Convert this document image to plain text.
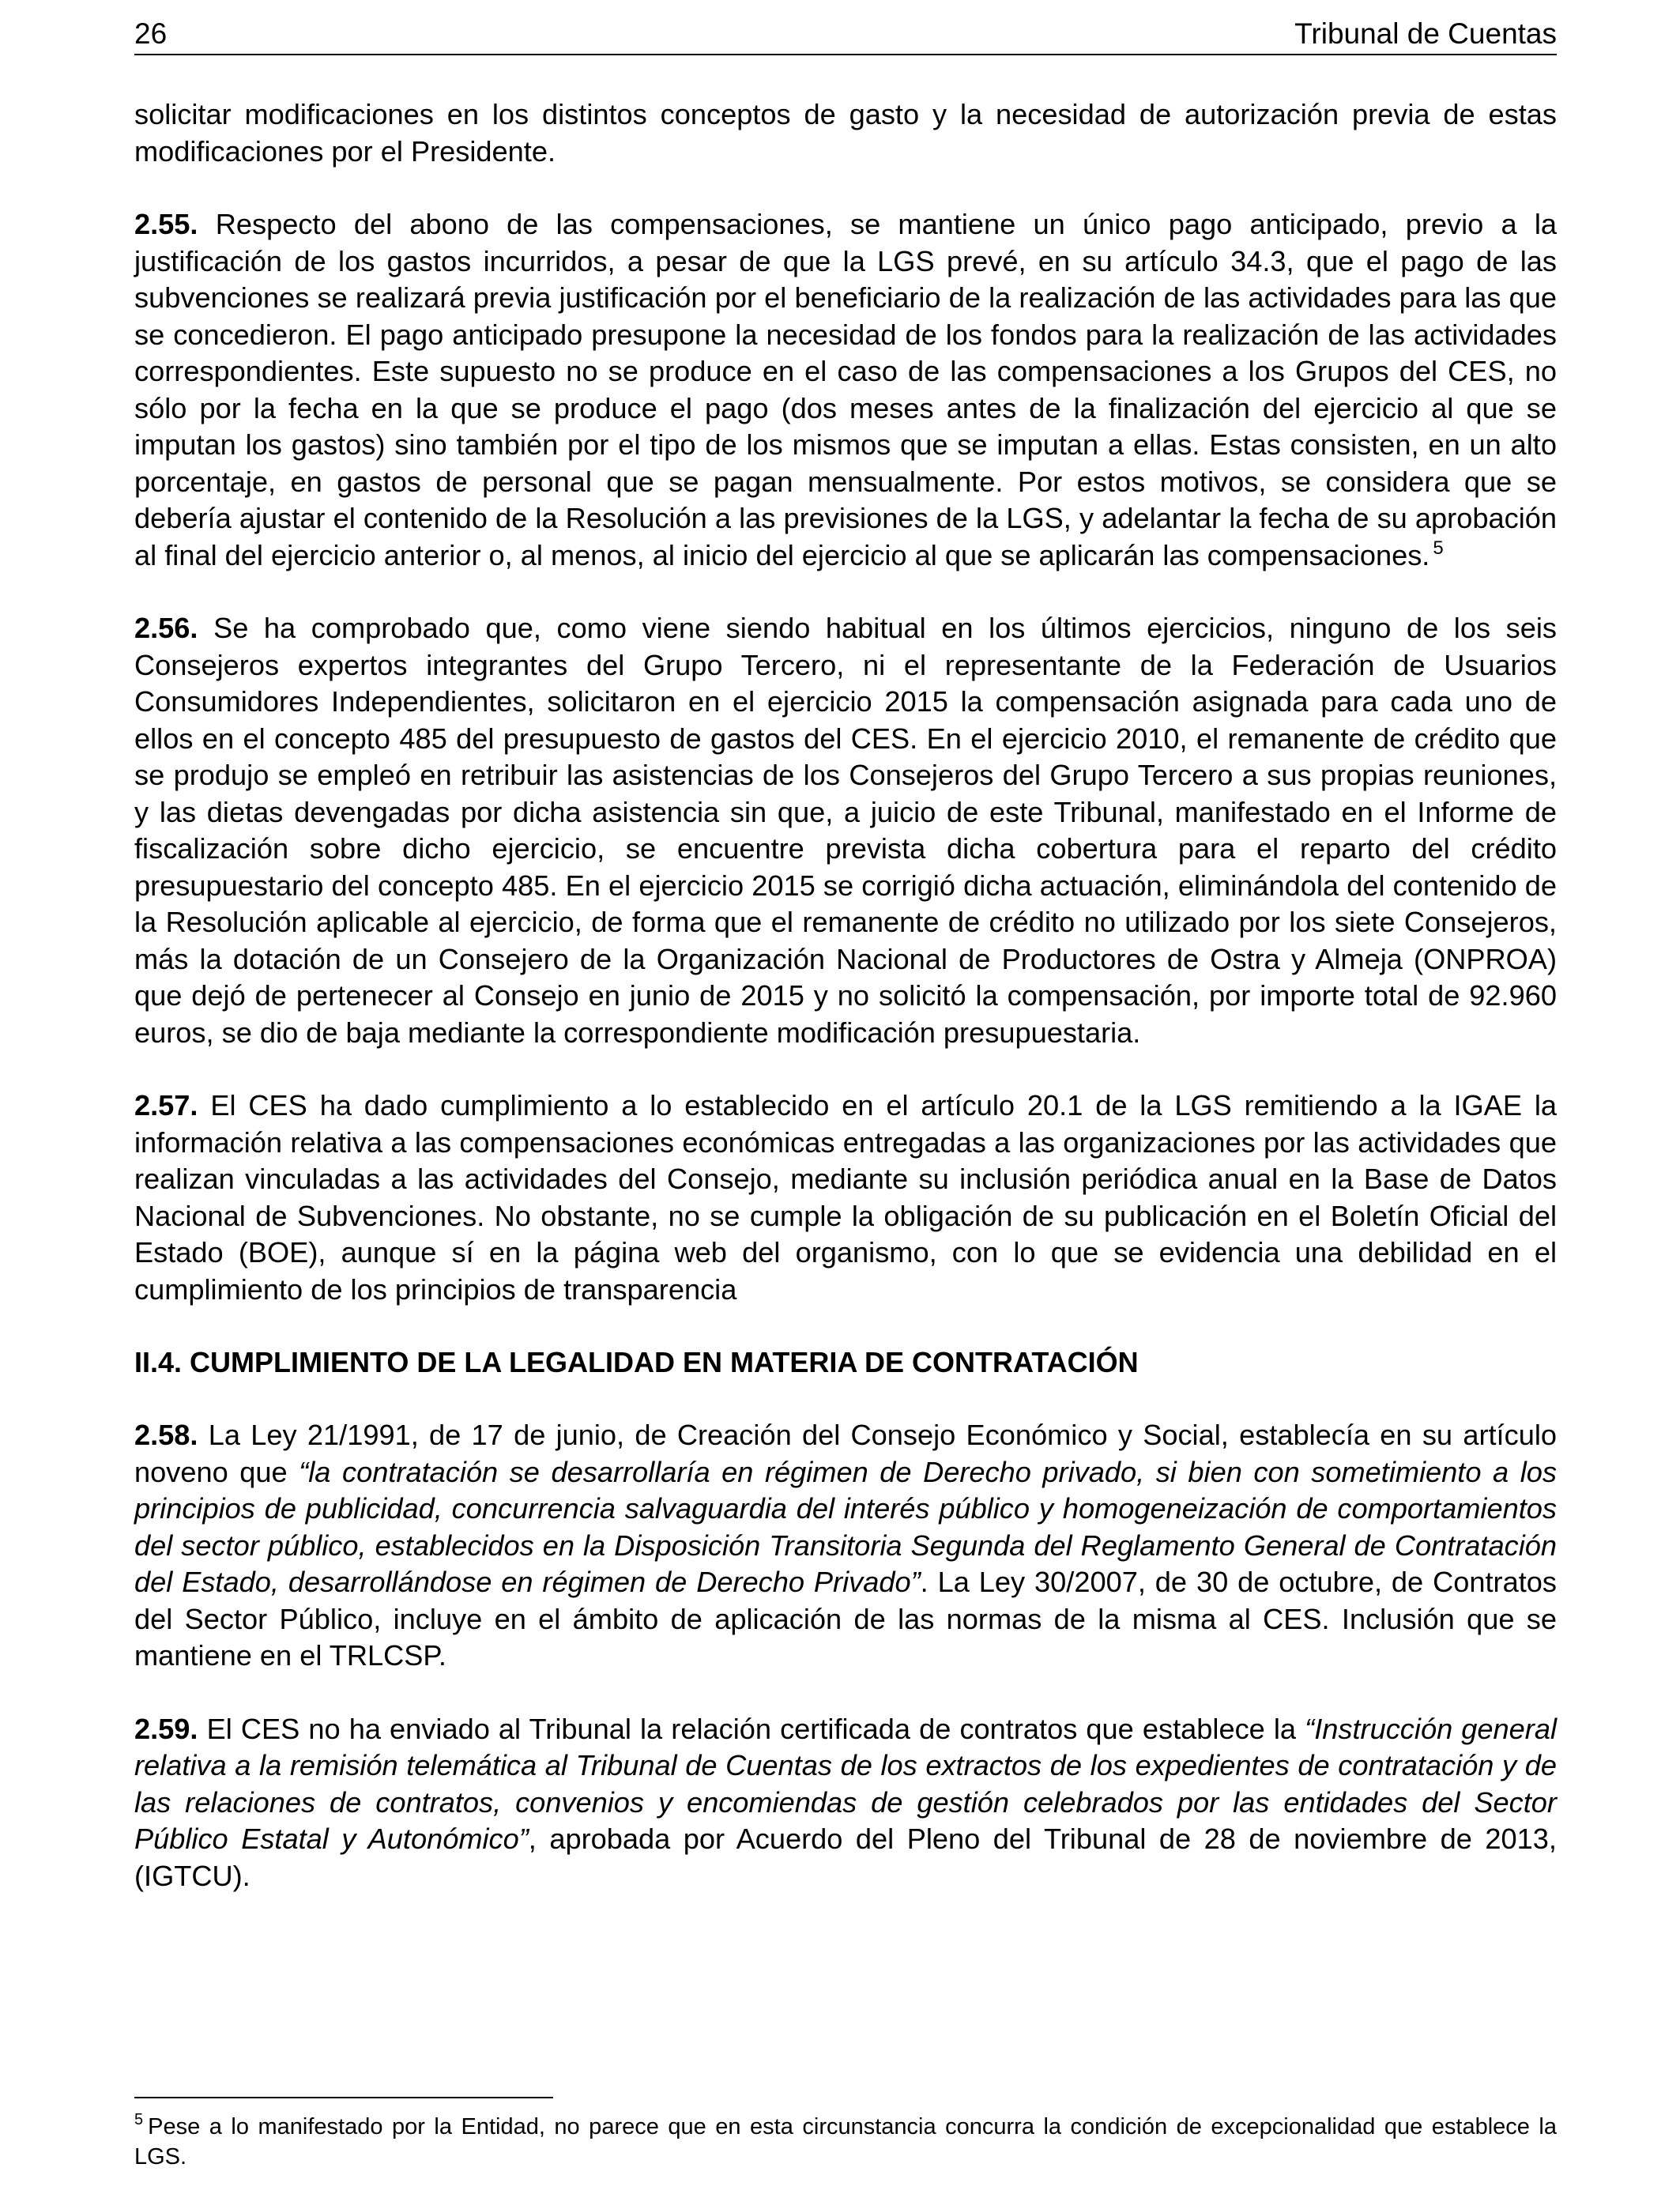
26	Tribunal de Cuentas

solicitar modificaciones en los distintos conceptos de gasto y la necesidad de autorización previa de estas modificaciones por el Presidente.

2.55. Respecto del abono de las compensaciones, se mantiene un único pago anticipado, previo a la justificación de los gastos incurridos, a pesar de que la LGS prevé, en su artículo 34.3, que el pago de las subvenciones se realizará previa justificación por el beneficiario de la realización de las actividades para las que se concedieron. El pago anticipado presupone la necesidad de los fondos para la realización de las actividades correspondientes. Este supuesto no se produce en el caso de las compensaciones a los Grupos del CES, no sólo por la fecha en la que se produce el pago (dos meses antes de la finalización del ejercicio al que se imputan los gastos) sino también por el tipo de los mismos que se imputan a ellas. Estas consisten, en un alto porcentaje, en gastos de personal que se pagan mensualmente. Por estos motivos, se considera que se debería ajustar el contenido de la Resolución a las previsiones de la LGS, y adelantar la fecha de su aprobación al final del ejercicio anterior o, al menos, al inicio del ejercicio al que se aplicarán las compensaciones. $^5$

2.56. Se ha comprobado que, como viene siendo habitual en los últimos ejercicios, ninguno de los seis Consejeros expertos integrantes del Grupo Tercero, ni el representante de la Federación de Usuarios Consumidores Independientes, solicitaron en el ejercicio 2015 la compensación asignada para cada uno de ellos en el concepto 485 del presupuesto de gastos del CES. En el ejercicio 2010, el remanente de crédito que se produjo se empleó en retribuir las asistencias de los Consejeros del Grupo Tercero a sus propias reuniones, y las dietas devengadas por dicha asistencia sin que, a juicio de este Tribunal, manifestado en el Informe de fiscalización sobre dicho ejercicio, se encuentre prevista dicha cobertura para el reparto del crédito presupuestario del concepto 485. En el ejercicio 2015 se corrigió dicha actuación, eliminándola del contenido de la Resolución aplicable al ejercicio, de forma que el remanente de crédito no utilizado por los siete Consejeros, más la dotación de un Consejero de la Organización Nacional de Productores de Ostra y Almeja (ONPROA) que dejó de pertenecer al Consejo en junio de 2015 y no solicitó la compensación, por importe total de 92.960 euros, se dio de baja mediante la correspondiente modificación presupuestaria.

2.57. El CES ha dado cumplimiento a lo establecido en el artículo 20.1 de la LGS remitiendo a la IGAE la información relativa a las compensaciones económicas entregadas a las organizaciones por las actividades que realizan vinculadas a las actividades del Consejo, mediante su inclusión periódica anual en la Base de Datos Nacional de Subvenciones. No obstante, no se cumple la obligación de su publicación en el Boletín Oficial del Estado (BOE), aunque sí en la página web del organismo, con lo que se evidencia una debilidad en el cumplimiento de los principios de transparencia

II.4. CUMPLIMIENTO DE LA LEGALIDAD EN MATERIA DE CONTRATACIÓN

2.58. La Ley 21/1991, de 17 de junio, de Creación del Consejo Económico y Social, establecía en su artículo noveno que “la contratación se desarrollaría en régimen de Derecho privado, si bien con sometimiento a los principios de publicidad, concurrencia salvaguardia del interés público y homogeneización de comportamientos del sector público, establecidos en la Disposición Transitoria Segunda del Reglamento General de Contratación del Estado, desarrollándose en régimen de Derecho Privado”. La Ley 30/2007, de 30 de octubre, de Contratos del Sector Público, incluye en el ámbito de aplicación de las normas de la misma al CES. Inclusión que se mantiene en el TRLCSP.

2.59. El CES no ha enviado al Tribunal la relación certificada de contratos que establece la “Instrucción general relativa a la remisión telemática al Tribunal de Cuentas de los extractos de los expedientes de contratación y de las relaciones de contratos, convenios y encomiendas de gestión celebrados por las entidades del Sector Público Estatal y Autonómico”, aprobada por Acuerdo del Pleno del Tribunal de 28 de noviembre de 2013, (IGTCU).

$^5$ Pese a lo manifestado por la Entidad, no parece que en esta circunstancia concurra la condición de excepcionalidad que establece la LGS.
